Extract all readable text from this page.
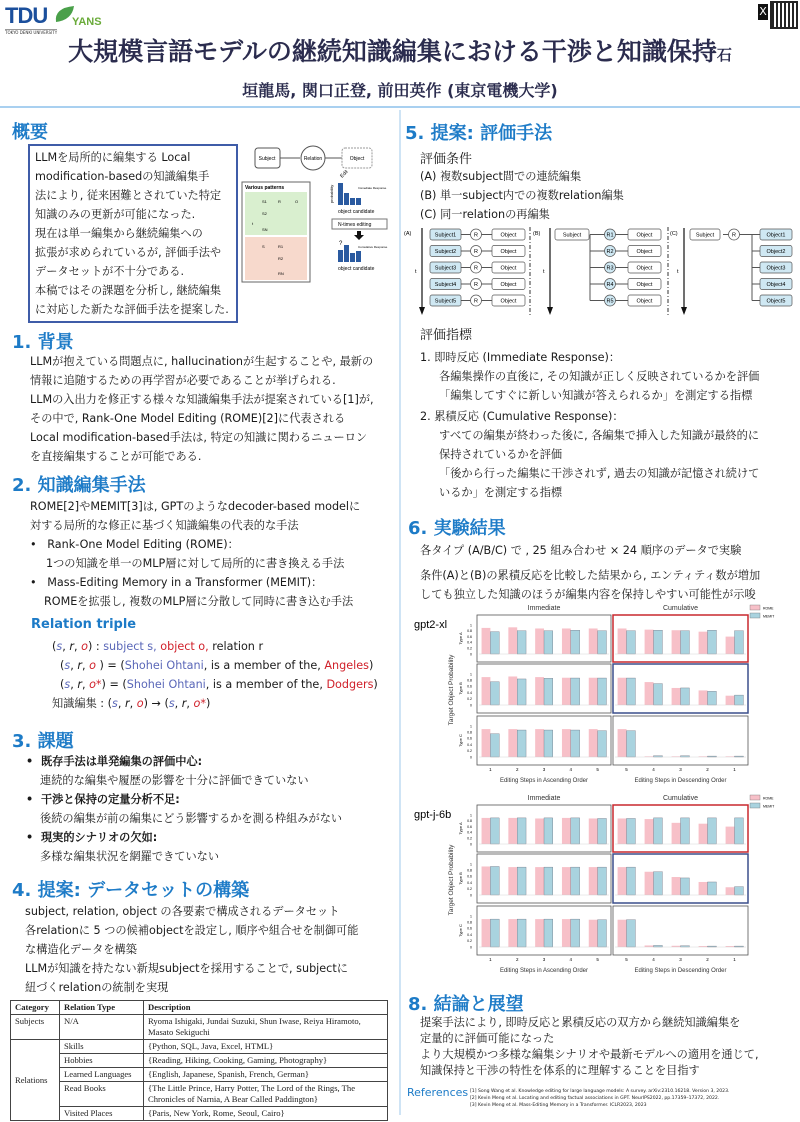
TDU
TOKYO DENKI UNIVERSITY
YANS
X
大規模言語モデルの継続知識編集における干渉と知識保持石
垣龍馬, 関口正登, 前田英作 (東京電機大学)
概要
LLMを局所的に編集する Local
modification-basedの知識編集手
法により, 従来困難とされていた特定
知識のみの更新が可能になった.
現在は単一編集から継続編集への
拡張が求められているが, 評価手法や
データセットが不十分である.
本稿ではその課題を分析し, 継続編集
に対応した新たな評価手法を提案した.
Subject	Relation	Object
Edit
Various patterns
S1
S2
SN
R	O
S	R1
R2
RN
t
probability
object candidate
Immediate Response
N-times editing
?	Cumulative Response
object candidate
1. 背景
LLMが抱えている問題点に, hallucinationが生起することや, 最新の
情報に追随するための再学習が必要であることが挙げられる.
LLMの入出力を修正する様々な知識編集手法が提案されている[1]が,
その中で, Rank-One Model Editing (ROME)[2]に代表される
Local modification-based手法は, 特定の知識に関わるニューロン
を直接編集することが可能である.
2. 知識編集手法
ROME[2]やMEMIT[3]は, GPTのようなdecoder-based modelに
対する局所的な修正に基づく知識編集の代表的な手法
•   Rank-One Model Editing (ROME)：
1つの知識を単一のMLP層に対して局所的に書き換える手法
•   Mass-Editing Memory in a Transformer (MEMIT)：
ROMEを拡張し, 複数のMLP層に分散して同時に書き込む手法
Relation triple
(s, r, o) : subject s, object o, relation r
(s, r, o ) = (Shohei Ohtani, is a member of the, Angeles)
(s, r, o*) = (Shohei Ohtani, is a member of the, Dodgers)
知識編集 : (s, r, o) → (s, r, o*)
3. 課題
•  既存手法は単発編集の評価中心:
連続的な編集や履歴の影響を十分に評価できていない
•  干渉と保持の定量分析不足:
後続の編集が前の編集にどう影響するかを測る枠組みがない
•  現実的シナリオの欠如:
多様な編集状況を網羅できていない
4. 提案: データセットの構築
subject, relation, object の各要素で構成されるデータセット
各relationに 5 つの候補objectを設定し, 順序や組合せを制御可能
な構造化データを構築
LLMが知識を持たない新規subjectを採用することで, subjectに
紐づくrelationの統制を実現
Category	Relation Type	Description
Subjects	N/A	Ryoma Ishigaki, Jundai Suzuki, Shun Iwase, Reiya Hiramoto, Masato Sekiguchi
Relations	Skills	{Python, SQL, Java, Excel, HTML}
	Hobbies	{Reading, Hiking, Cooking, Gaming, Photography}
	Learned Languages	{English, Japanese, Spanish, French, German}
	Read Books	{The Little Prince, Harry Potter, The Lord of the Rings, The Chronicles of Narnia, A Bear Called Paddington}
	Visited Places	{Paris, New York, Rome, Seoul, Cairo}
5. 提案: 評価手法
評価条件
(A) 複数subject間での連続編集
(B) 単一subject内での複数relation編集
(C) 同一relationの再編集
(A)	(B)	(C)
t	t	t
Subject1	R	Object	R1	Object	Object1
Subject2	R	Object	R2	Object	Object2
Subject3	R	Object	R3	Object	Object3
Subject4	R	Object	R4	Object	Object4
Subject5	R	Object	R5	Object	Object5
Subject	Subject	R
評価指標
1. 即時反応 (Immediate Response)：
各編集操作の直後に, その知識が正しく反映されているかを評価
「編集してすぐに新しい知識が答えられるか」を測定する指標
2. 累積反応 (Cumulative Response)：
すべての編集が終わった後に, 各編集で挿入した知識が最終的に
保持されているかを評価
「後から行った編集に干渉されず, 過去の知識が記憶され続けて
いるか」を測定する指標
6. 実験結果
各タイプ (A/B/C) で , 25 組み合わせ × 24 順序のデータで実験
条件(A)と(B)の累積反応を比較した結果から, エンティティ数が増加
しても独立した知識のほうが編集内容を保持しやすい可能性が示唆
gpt2-xl
Immediate	Cumulative
Target Object Probability
ROME
MEMIT
Type A
0
0.2
0.4
0.6
0.8
1
Type B
0
0.2
0.4
0.6
0.8
1
Type C
0
0.2
0.4
0.6
0.8
1
1	2	3	4	5
Editing Steps in Ascending Order
5	4	3	2	1
Editing Steps in Descending Order
gpt-j-6b
Immediate	Cumulative
Target Object Probability
ROME
MEMIT
Type A
0
0.2
0.4
0.6
0.8
1
Type B
0
0.2
0.4
0.6
0.8
1
Type C
0
0.2
0.4
0.6
0.8
1
1	2	3	4	5
Editing Steps in Ascending Order
5	4	3	2	1
Editing Steps in Descending Order
8. 結論と展望
提案手法により, 即時反応と累積反応の双方から継続知識編集を
定量的に評価可能になった
より大規模かつ多様な編集シナリオや最新モデルへの適用を通じて,
知識保持と干渉の特性を体系的に理解することを目指す
References [1] Song Wang et al. Knowledge editing for large language models: A survey. arXiv:2310.16218. Version 3, 2023.
[2] Kevin Meng et al. Locating and editing factual associations in GPT. NeurIPS2022, pp.17359–17372, 2022.
[3] Kevin Meng et al. Mass-Editing Memory in a Transformer. ICLR2023, 2023
